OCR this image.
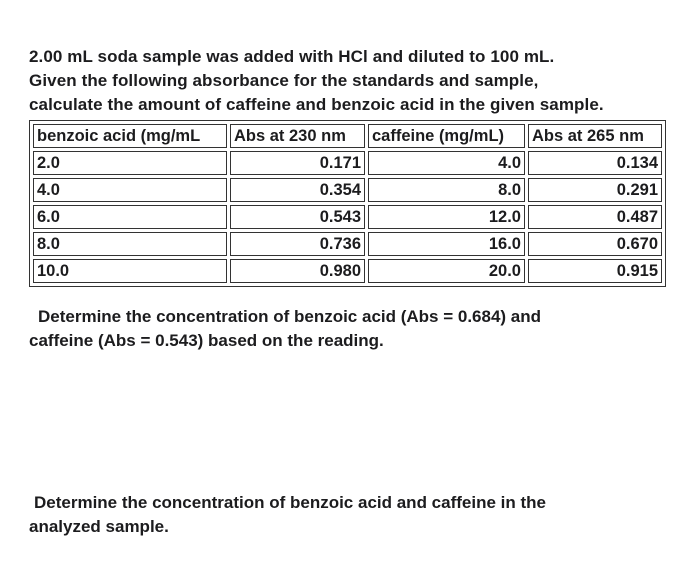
2.00 mL soda sample was added with HCl and diluted to 100 mL.
Given the following absorbance for the standards and sample,
calculate the amount of caffeine and benzoic acid in the given sample.
benzoic acid (mg/mL	Abs at 230 nm	caffeine (mg/mL)	Abs at 265 nm
2.0	0.171	4.0	0.134
4.0	0.354	8.0	0.291
6.0	0.543	12.0	0.487
8.0	0.736	16.0	0.670
10.0	0.980	20.0	0.915
Determine the concentration of benzoic acid (Abs = 0.684) and
caffeine (Abs = 0.543) based on the reading.
Determine the concentration of benzoic acid and caffeine in the
analyzed sample.
